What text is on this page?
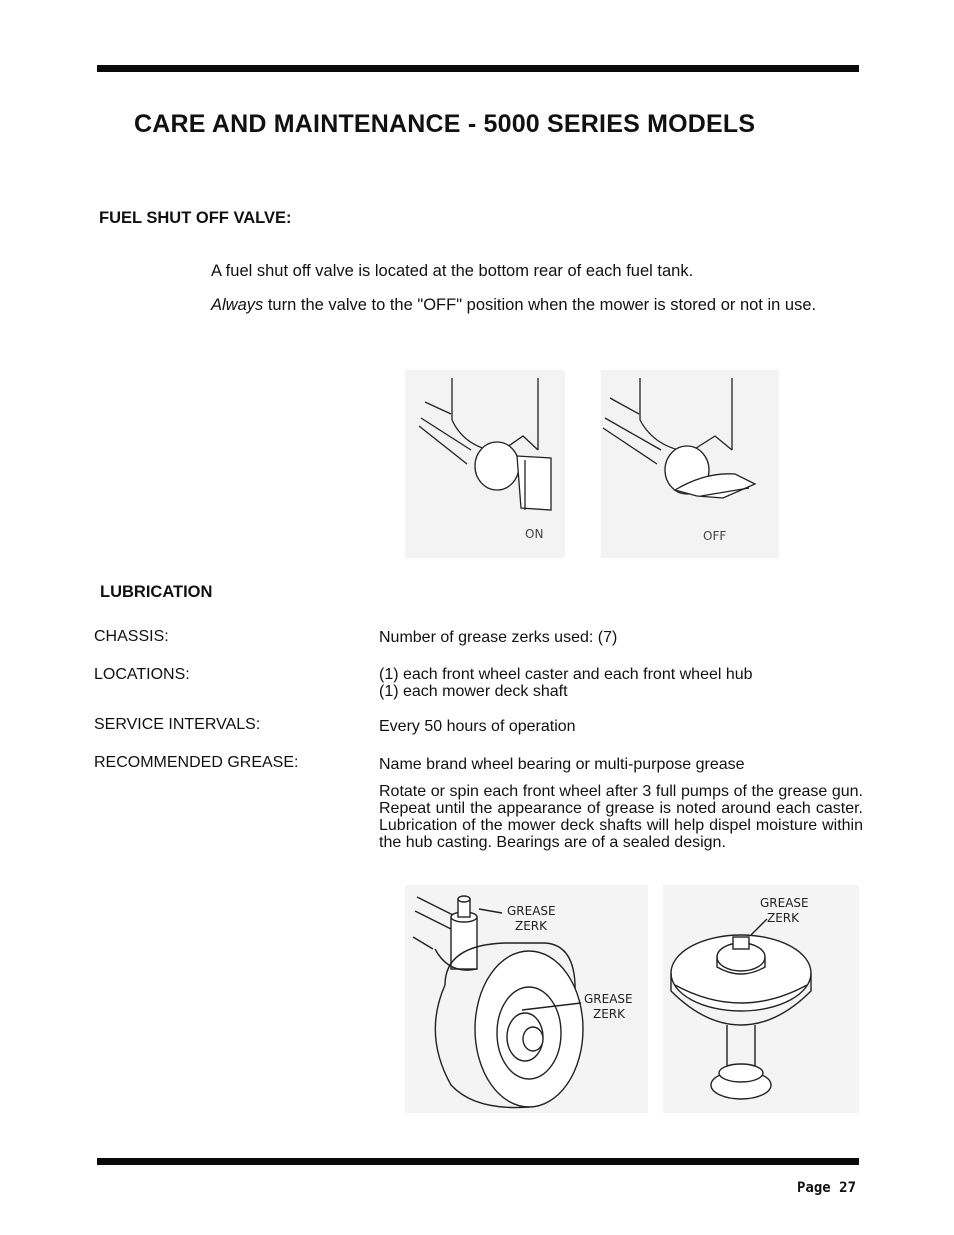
CARE AND MAINTENANCE - 5000 SERIES MODELS
FUEL SHUT OFF VALVE:

A fuel shut off valve is located at the bottom rear of each fuel tank.

Always turn the valve to the "OFF" position when the mower is stored or not in use.

ON	OFF
LUBRICATION
CHASSIS:	Number of grease zerks used: (7)
LOCATIONS:	(1) each front wheel caster and each front wheel hub
(1) each mower deck shaft
SERVICE INTERVALS:	Every 50 hours of operation
RECOMMENDED GREASE:	Name brand wheel bearing or multi-purpose grease
Rotate or spin each front wheel after 3 full pumps of the grease gun. Repeat until the appearance of grease is noted around each caster. Lubrication of the mower deck shafts will help dispel moisture within the hub casting. Bearings are of a sealed design.
GREASE
ZERK
GREASE
ZERK
GREASE
ZERK
Page 27
